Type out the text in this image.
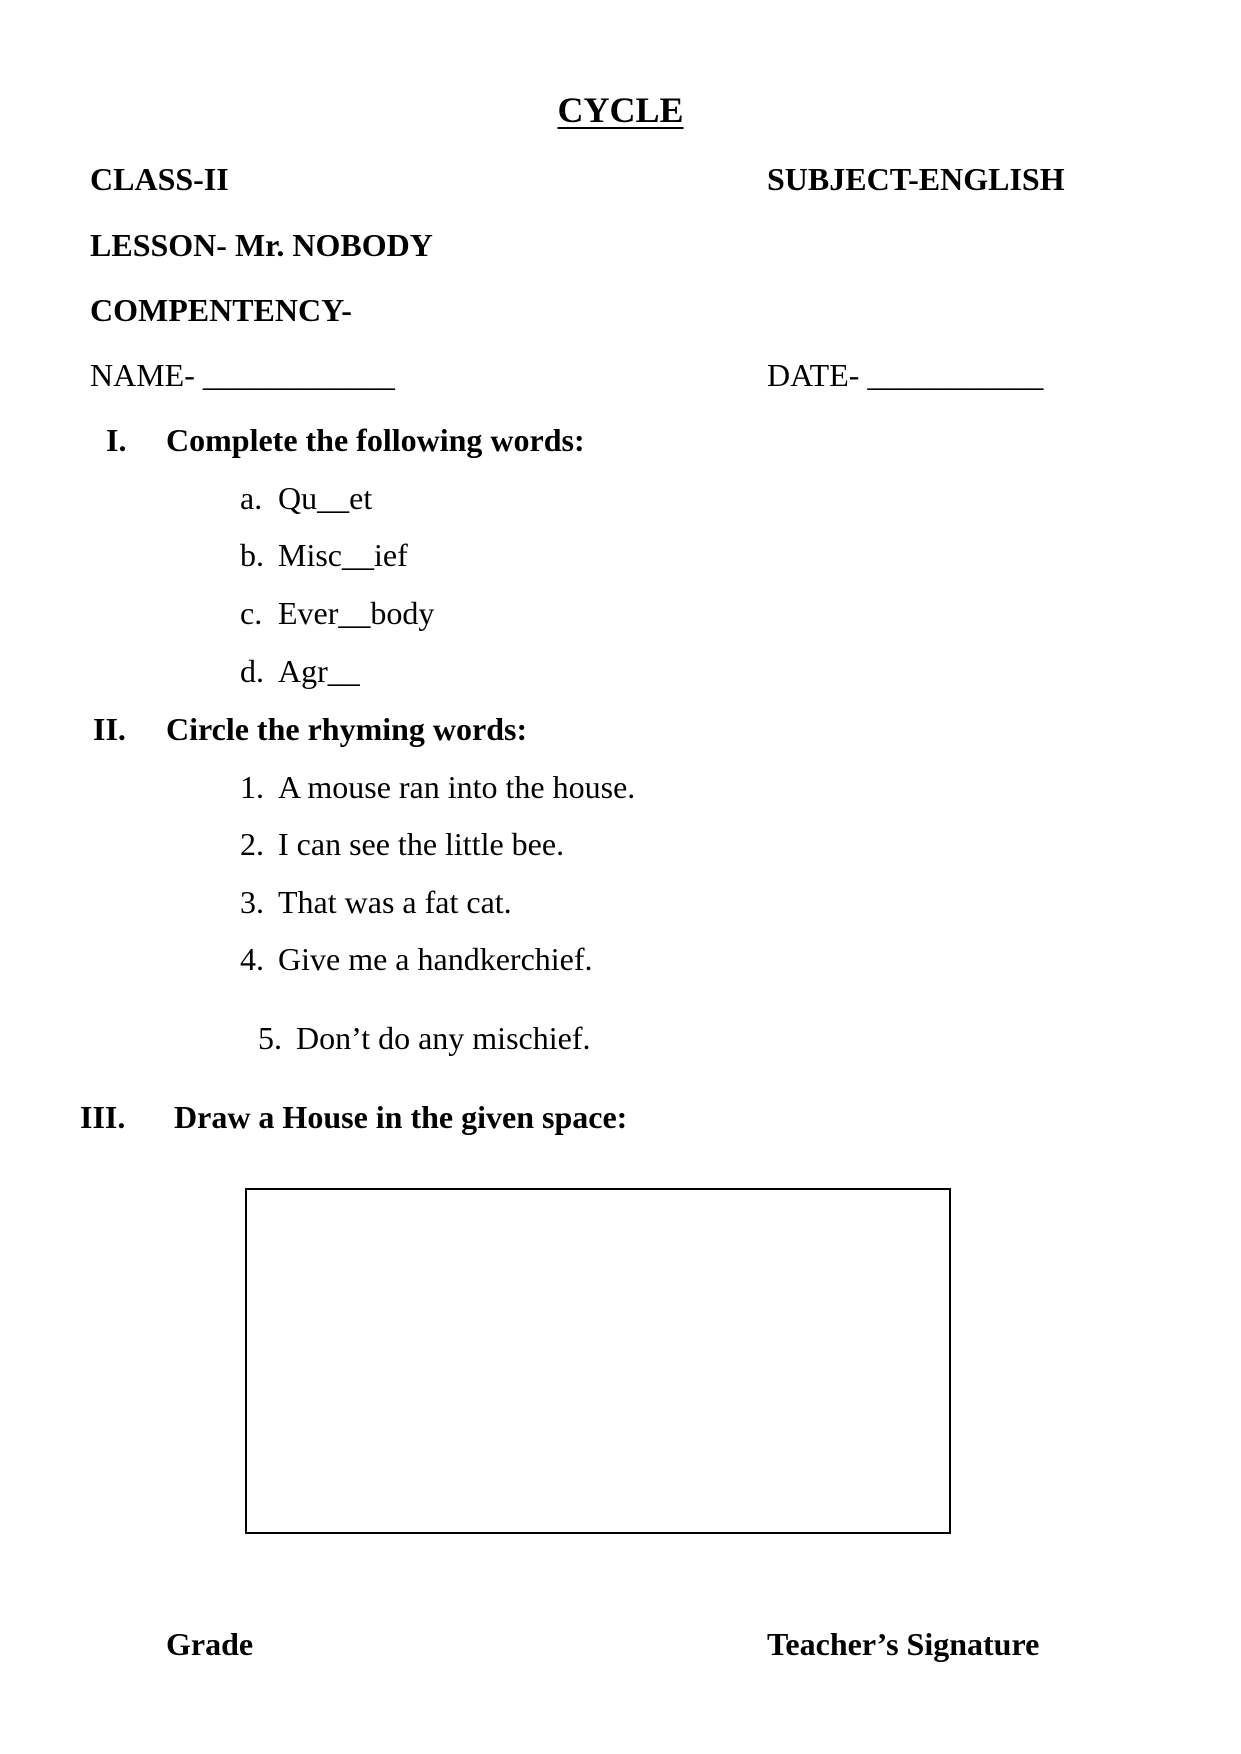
CYCLE
CLASS-II	SUBJECT-ENGLISH
LESSON- Mr. NOBODY
COMPENTENCY-
NAME- ____________	DATE- ___________
I. Complete the following words:
a. Qu__et
b. Misc__ief
c. Ever__body
d. Agr__
II. Circle the rhyming words:
1. A mouse ran into the house.
2. I can see the little bee.
3. That was a fat cat.
4. Give me a handkerchief.
5. Don’t do any mischief.
III. Draw a House in the given space:
Grade	Teacher’s Signature
